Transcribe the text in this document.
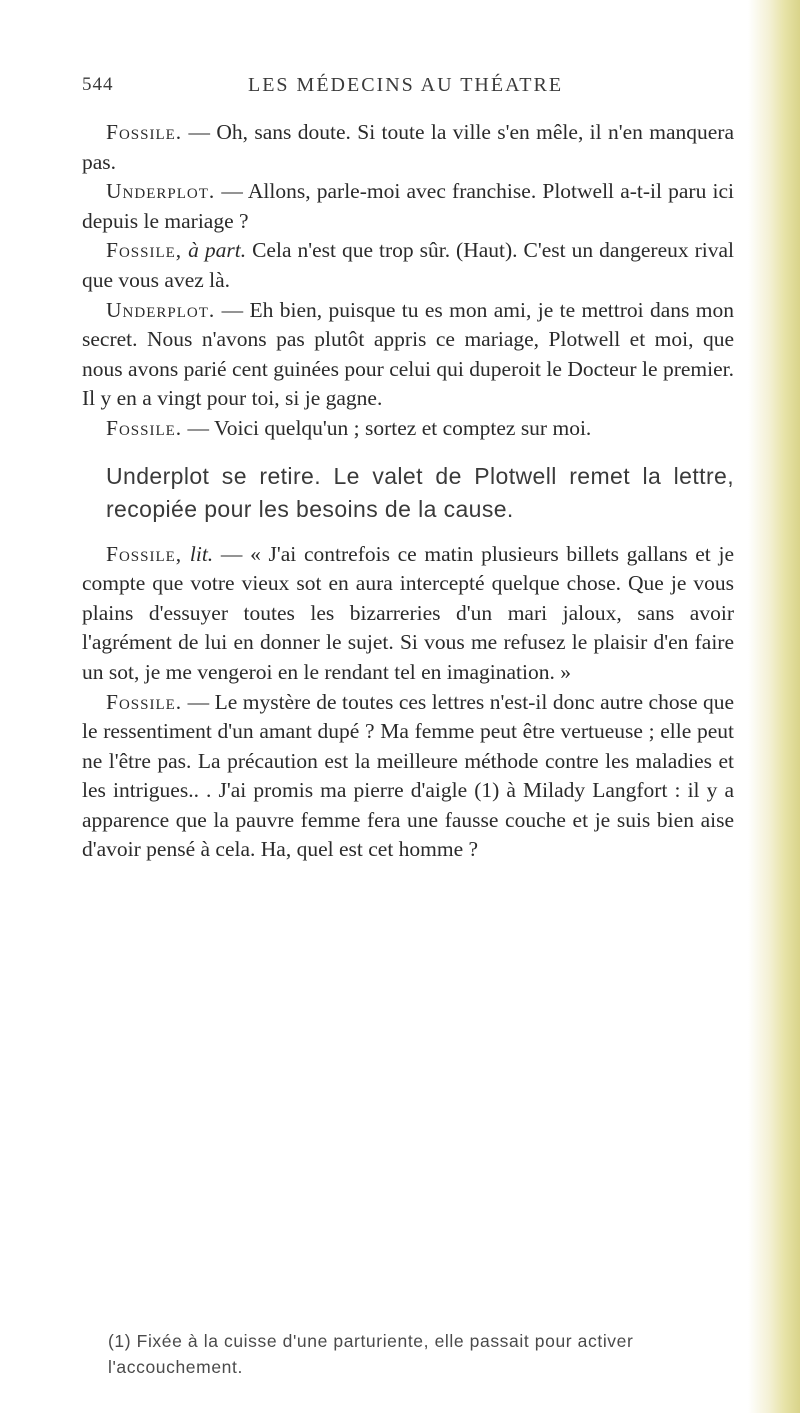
544	LES MÉDECINS AU THÉATRE

Fossile. — Oh, sans doute. Si toute la ville s'en mêle, il n'en manquera pas.

Underplot. — Allons, parle-moi avec franchise. Plotwell a-t-il paru ici depuis le mariage ?

Fossile, à part. Cela n'est que trop sûr. (Haut). C'est un dangereux rival que vous avez là.

Underplot. — Eh bien, puisque tu es mon ami, je te mettroi dans mon secret. Nous n'avons pas plutôt appris ce mariage, Plotwell et moi, que nous avons parié cent guinées pour celui qui duperoit le Docteur le premier. Il y en a vingt pour toi, si je gagne.

Fossile. — Voici quelqu'un ; sortez et comptez sur moi.

Underplot se retire. Le valet de Plotwell remet la lettre, recopiée pour les besoins de la cause.

Fossile, lit. — « J'ai contrefois ce matin plusieurs billets gallans et je compte que votre vieux sot en aura intercepté quelque chose. Que je vous plains d'essuyer toutes les bizarreries d'un mari jaloux, sans avoir l'agrément de lui en donner le sujet. Si vous me refusez le plaisir d'en faire un sot, je me vengeroi en le rendant tel en imagination. »

Fossile. — Le mystère de toutes ces lettres n'est-il donc autre chose que le ressentiment d'un amant dupé ? Ma femme peut être vertueuse ; elle peut ne l'être pas. La précaution est la meilleure méthode contre les maladies et les intrigues.. . J'ai promis ma pierre d'aigle (1) à Milady Langfort : il y a apparence que la pauvre femme fera une fausse couche et je suis bien aise d'avoir pensé à cela. Ha, quel est cet homme ?

(1) Fixée à la cuisse d'une parturiente, elle passait pour activer l'accouchement.
